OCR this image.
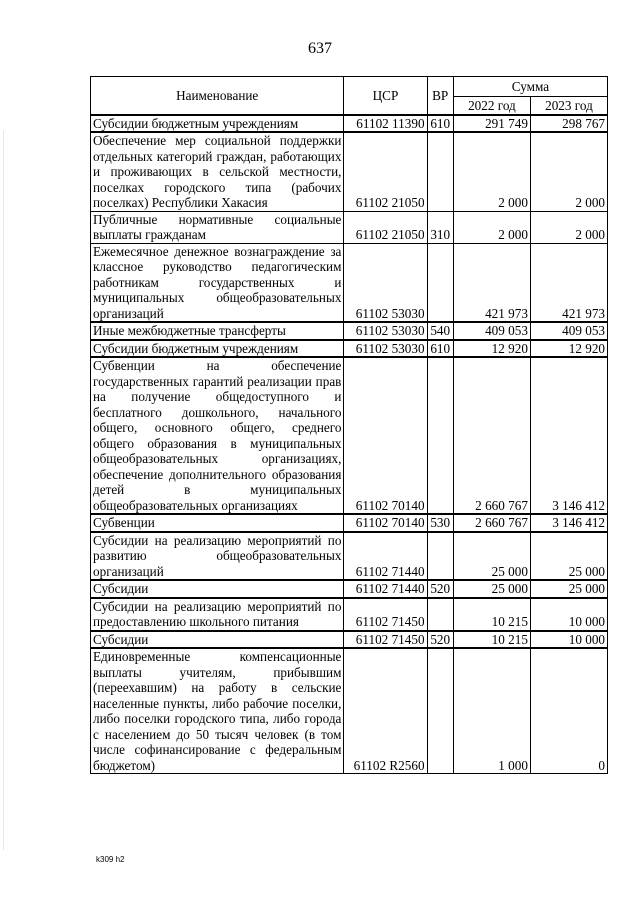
637
Наименование	ЦСР	ВР	Сумма	
			2022 год	2023 год
Субсидии бюджетным учреждениям	61102 11390	610	291 749	298 767
Обеспечение мер социальной поддержки отдельных категорий граждан, работающих и проживающих в сельской местности, поселках городского типа (рабочих поселках) Республики Хакасия	61102 21050		2 000	2 000
Публичные нормативные социальные выплаты гражданам	61102 21050	310	2 000	2 000
Ежемесячное денежное вознаграждение за классное руководство педагогическим работникам государственных и муниципальных общеобразовательных организаций	61102 53030		421 973	421 973
Иные межбюджетные трансферты	61102 53030	540	409 053	409 053
Субсидии бюджетным учреждениям	61102 53030	610	12 920	12 920
Субвенции на обеспечение государственных гарантий реализации прав на получение общедоступного и бесплатного дошкольного, начального общего, основного общего, среднего общего образования в муниципальных общеобразовательных организациях, обеспечение дополнительного образования детей в муниципальных общеобразовательных организациях	61102 70140		2 660 767	3 146 412
Субвенции	61102 70140	530	2 660 767	3 146 412
Субсидии на реализацию мероприятий по развитию общеобразовательных организаций	61102 71440		25 000	25 000
Субсидии	61102 71440	520	25 000	25 000
Субсидии на реализацию мероприятий по предоставлению школьного питания	61102 71450		10 215	10 000
Субсидии	61102 71450	520	10 215	10 000
Единовременные компенсационные выплаты учителям, прибывшим (переехавшим) на работу в сельские населенные пункты, либо рабочие поселки, либо поселки городского типа, либо города с населением до 50 тысяч человек (в том числе софинансирование с федеральным бюджетом)	61102 R2560		1 000	0
k309 h2
